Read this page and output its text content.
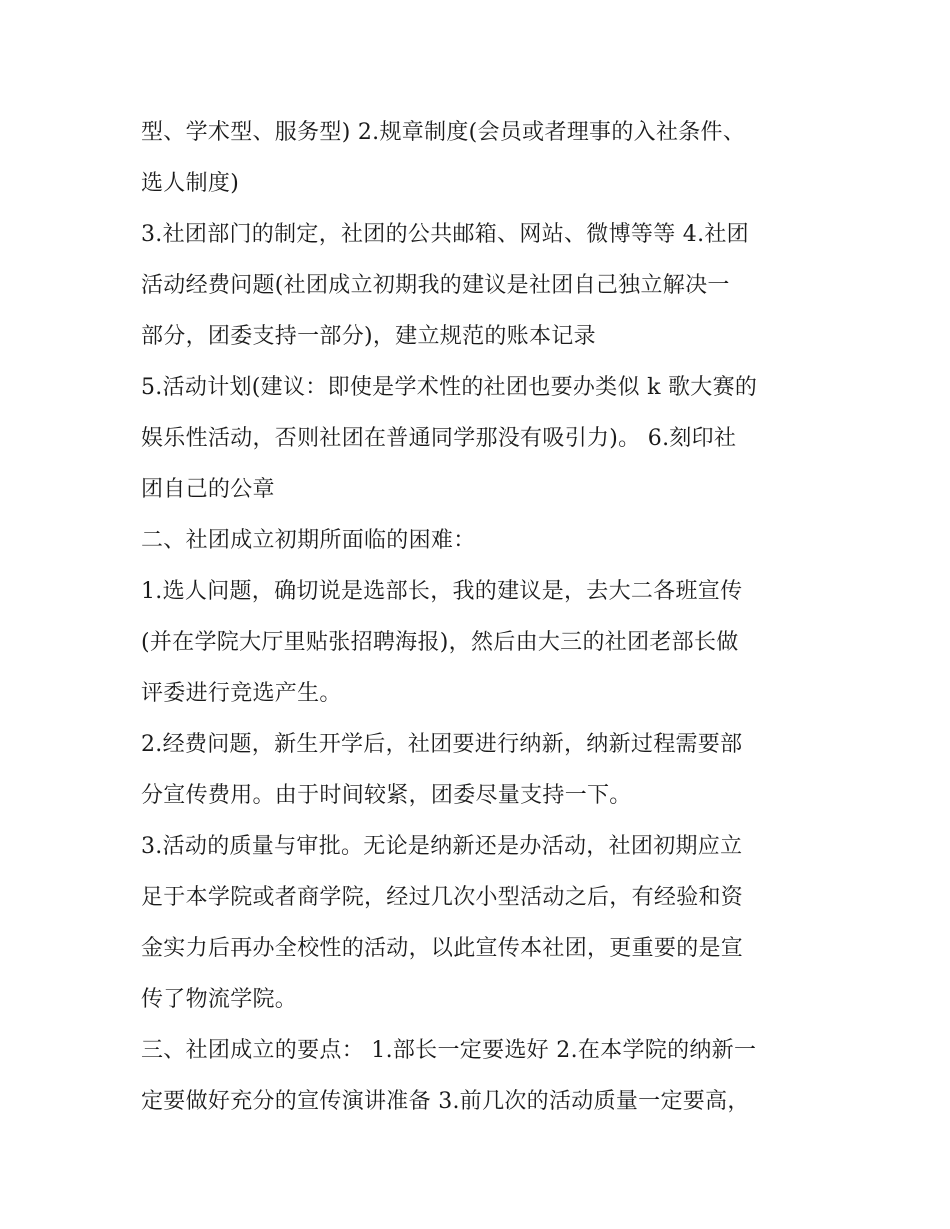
型、学术型、服务型) 2.规章制度(会员或者理事的入社条件、
选人制度)
3.社团部门的制定，社团的公共邮箱、网站、微博等等 4.社团
活动经费问题(社团成立初期我的建议是社团自己独立解决一
部分，团委支持一部分)，建立规范的账本记录
5.活动计划(建议：即使是学术性的社团也要办类似 k 歌大赛的
娱乐性活动，否则社团在普通同学那没有吸引力)。 6.刻印社
团自己的公章
二、社团成立初期所面临的困难：
1.选人问题，确切说是选部长，我的建议是，去大二各班宣传
(并在学院大厅里贴张招聘海报)，然后由大三的社团老部长做
评委进行竞选产生。
2.经费问题，新生开学后，社团要进行纳新，纳新过程需要部
分宣传费用。由于时间较紧，团委尽量支持一下。
3.活动的质量与审批。无论是纳新还是办活动，社团初期应立
足于本学院或者商学院，经过几次小型活动之后，有经验和资
金实力后再办全校性的活动，以此宣传本社团，更重要的是宣
传了物流学院。
三、社团成立的要点： 1.部长一定要选好 2.在本学院的纳新一
定要做好充分的宣传演讲准备 3.前几次的活动质量一定要高，
